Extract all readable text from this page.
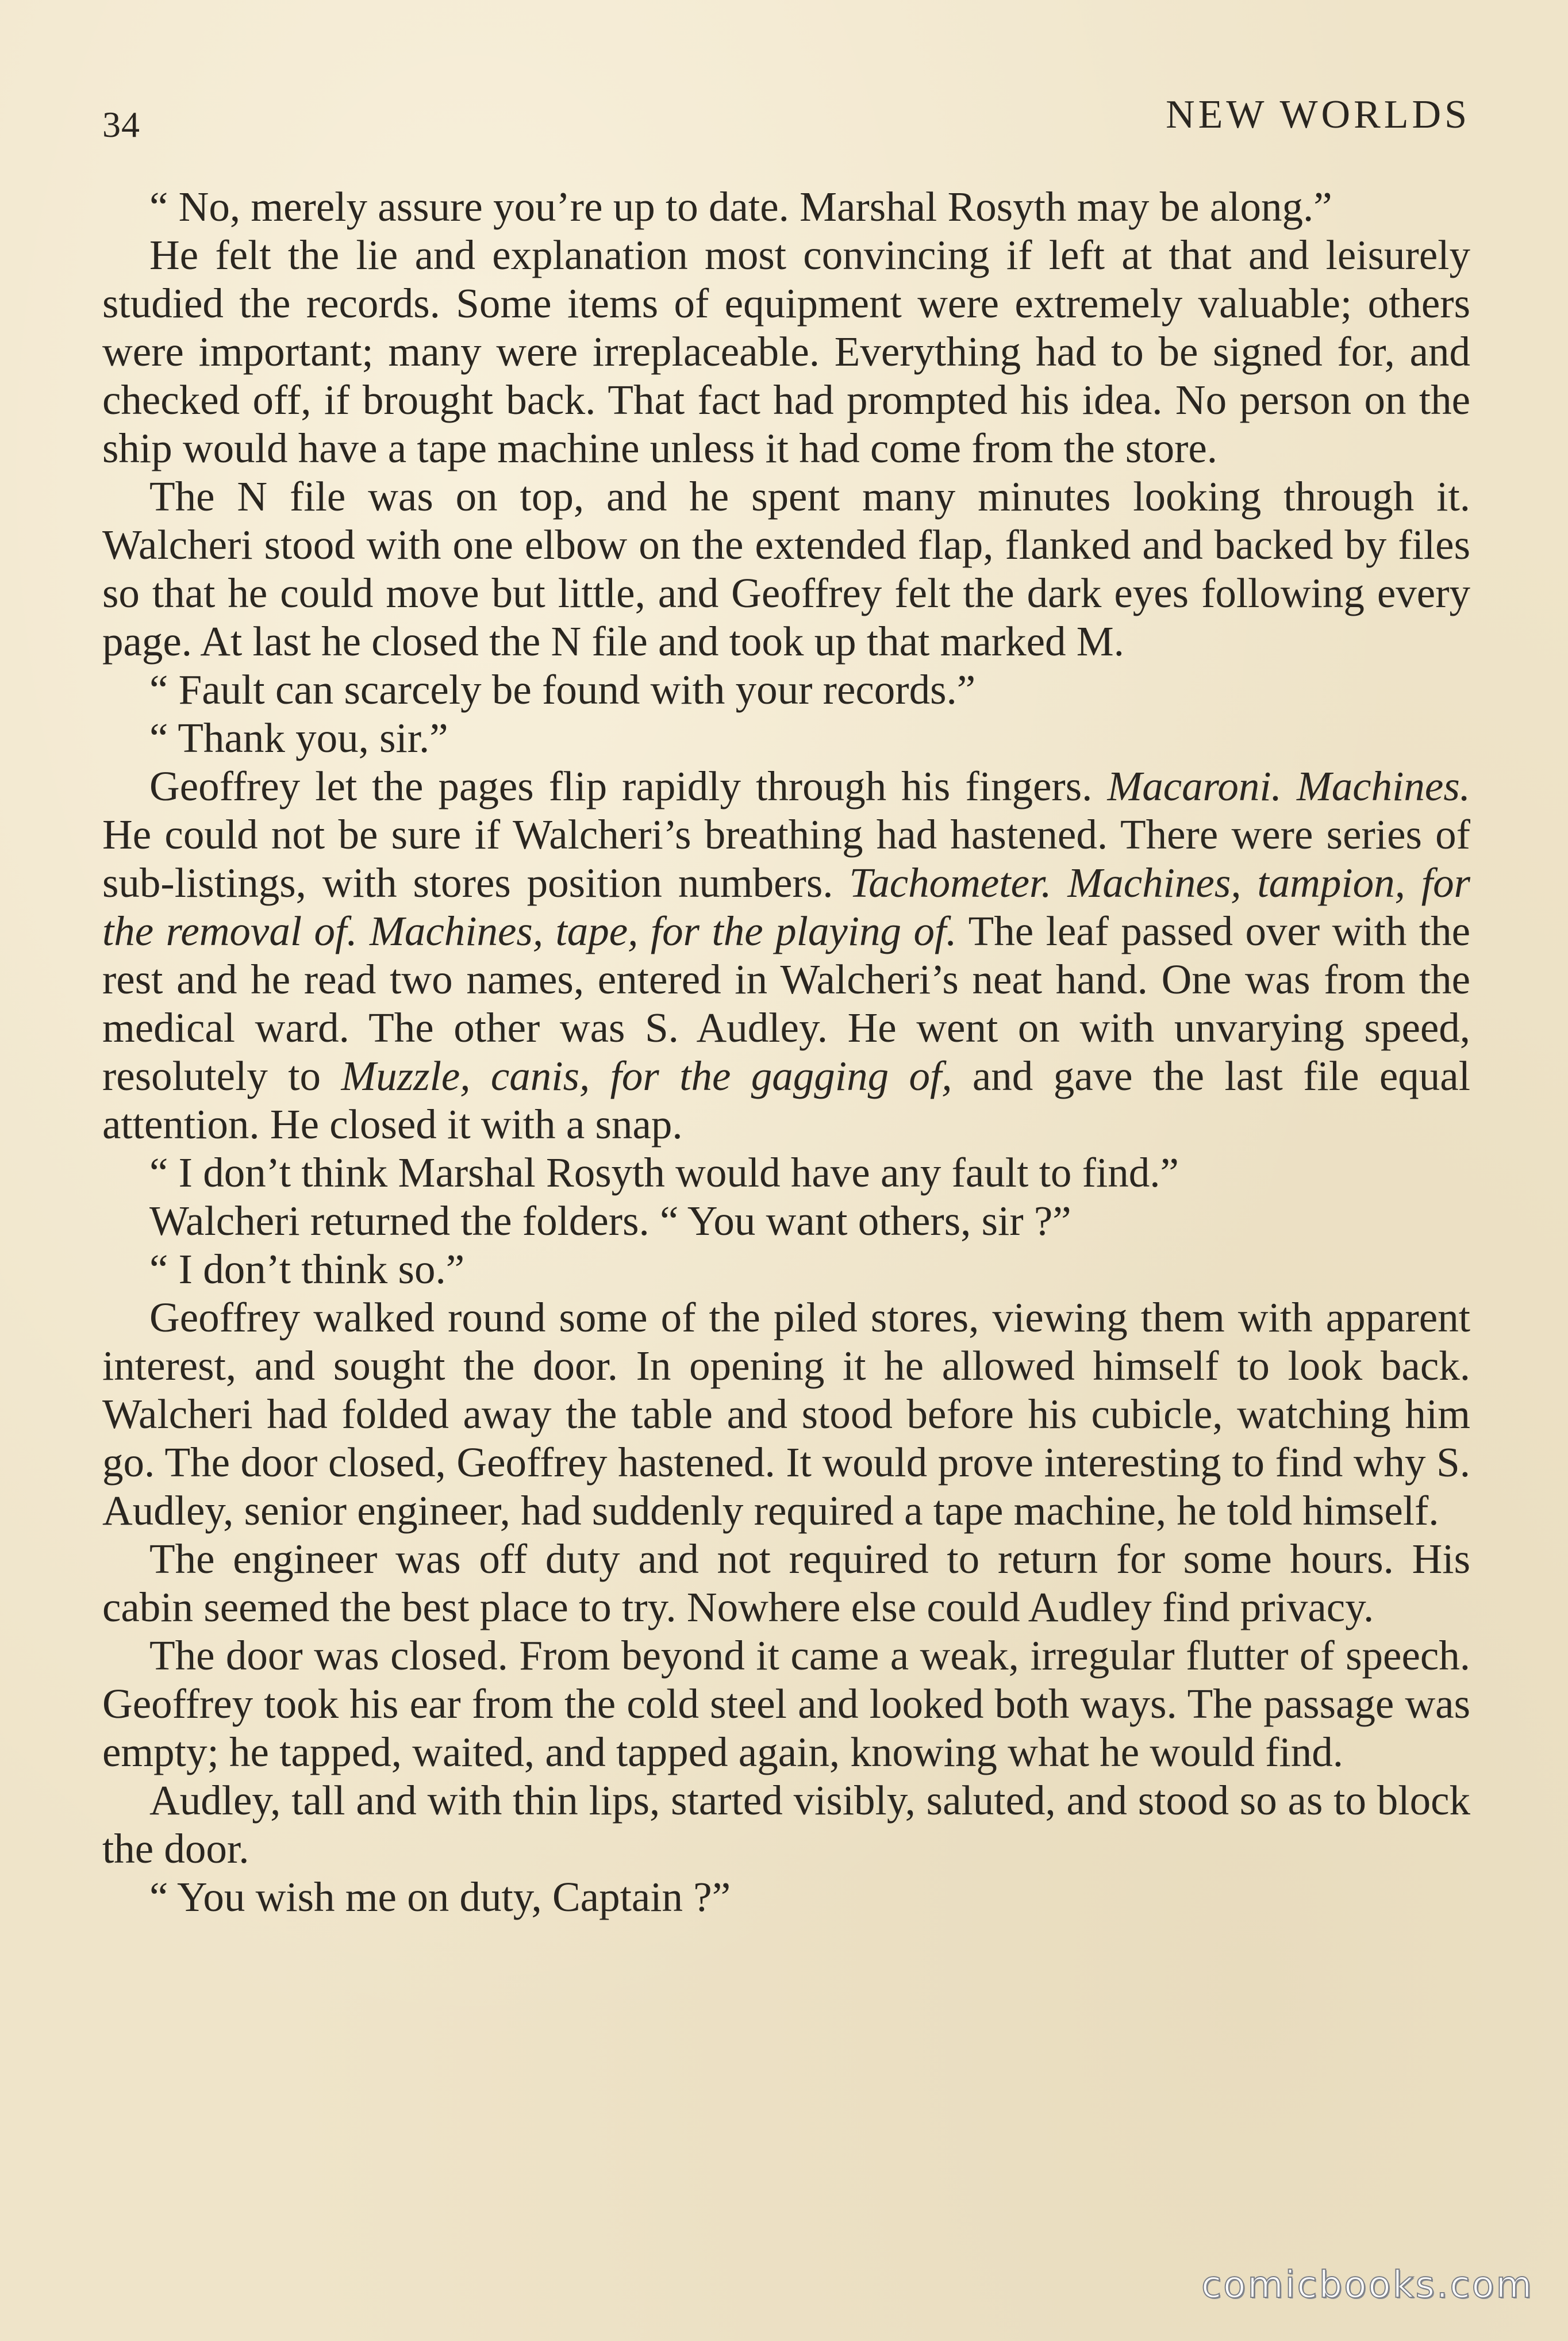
34	NEW WORLDS

“ No, merely assure you’re up to date. Marshal Rosyth may be along.”

He felt the lie and explanation most convincing if left at that and leisurely studied the records. Some items of equipment were extremely valuable; others were important; many were irreplaceable. Everything had to be signed for, and checked off, if brought back. That fact had prompted his idea. No person on the ship would have a tape machine unless it had come from the store.

The N file was on top, and he spent many minutes looking through it. Walcheri stood with one elbow on the extended flap, flanked and backed by files so that he could move but little, and Geoffrey felt the dark eyes following every page. At last he closed the N file and took up that marked M.

“ Fault can scarcely be found with your records.”

“ Thank you, sir.”

Geoffrey let the pages flip rapidly through his fingers. Macaroni. Machines. He could not be sure if Walcheri’s breathing had hastened. There were series of sub-listings, with stores position numbers. Tachometer. Machines, tampion, for the removal of. Machines, tape, for the playing of. The leaf passed over with the rest and he read two names, entered in Walcheri’s neat hand. One was from the medical ward. The other was S. Audley. He went on with unvarying speed, resolutely to Muzzle, canis, for the gagging of, and gave the last file equal attention. He closed it with a snap.

“ I don’t think Marshal Rosyth would have any fault to find.”

Walcheri returned the folders. “ You want others, sir ?”

“ I don’t think so.”

Geoffrey walked round some of the piled stores, viewing them with apparent interest, and sought the door. In opening it he allowed himself to look back. Walcheri had folded away the table and stood before his cubicle, watching him go. The door closed, Geoffrey hastened. It would prove interesting to find why S. Audley, senior engineer, had suddenly required a tape machine, he told himself.

The engineer was off duty and not required to return for some hours. His cabin seemed the best place to try. Nowhere else could Audley find privacy.

The door was closed. From beyond it came a weak, irregular flutter of speech. Geoffrey took his ear from the cold steel and looked both ways. The passage was empty; he tapped, waited, and tapped again, knowing what he would find.

Audley, tall and with thin lips, started visibly, saluted, and stood so as to block the door.

“ You wish me on duty, Captain ?”

comicbooks.com
